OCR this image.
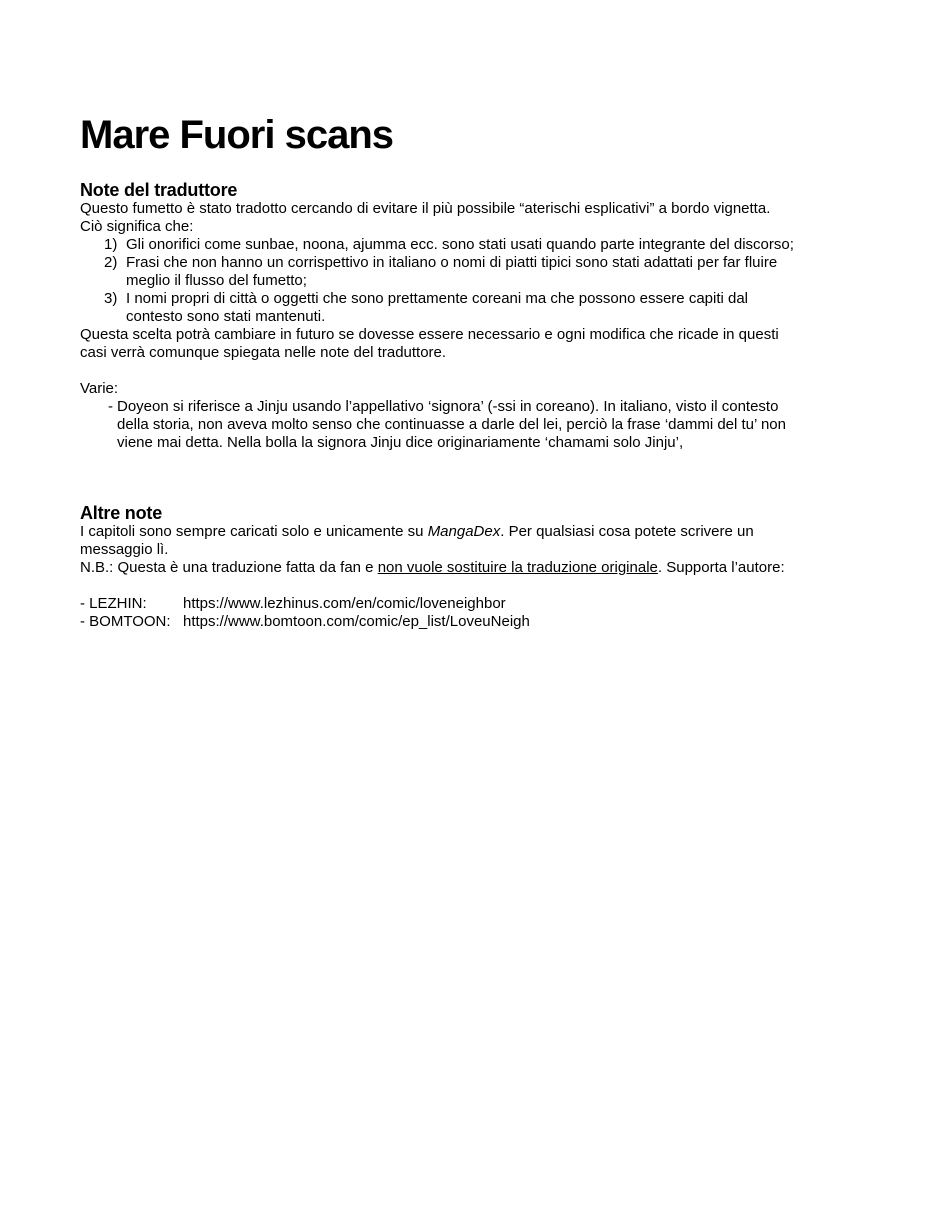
Mare Fuori scans
Note del traduttore
Questo fumetto è stato tradotto cercando di evitare il più possibile “aterischi esplicativi” a bordo vignetta.
Ciò significa che:
1) Gli onorifici come sunbae, noona, ajumma ecc. sono stati usati quando parte integrante del discorso;
2) Frasi che non hanno un corrispettivo in italiano o nomi di piatti tipici sono stati adattati per far fluire
meglio il flusso del fumetto;
3) I nomi propri di città o oggetti che sono prettamente coreani ma che possono essere capiti dal
contesto sono stati mantenuti.
Questa scelta potrà cambiare in futuro se dovesse essere necessario e ogni modifica che ricade in questi
casi verrà comunque spiegata nelle note del traduttore.
Varie:
- Doyeon si riferisce a Jinju usando l’appellativo ‘signora’ (-ssi in coreano). In italiano, visto il contesto
della storia, non aveva molto senso che continuasse a darle del lei, perciò la frase ‘dammi del tu’ non
viene mai detta. Nella bolla la signora Jinju dice originariamente ‘chamami solo Jinju’,
Altre note
I capitoli sono sempre caricati solo e unicamente su MangaDex. Per qualsiasi cosa potete scrivere un
messaggio lì.
N.B.: Questa è una traduzione fatta da fan e non vuole sostituire la traduzione originale. Supporta l’autore:
- LEZHIN:	https://www.lezhinus.com/en/comic/loveneighbor
- BOMTOON: https://www.bomtoon.com/comic/ep_list/LoveuNeigh
